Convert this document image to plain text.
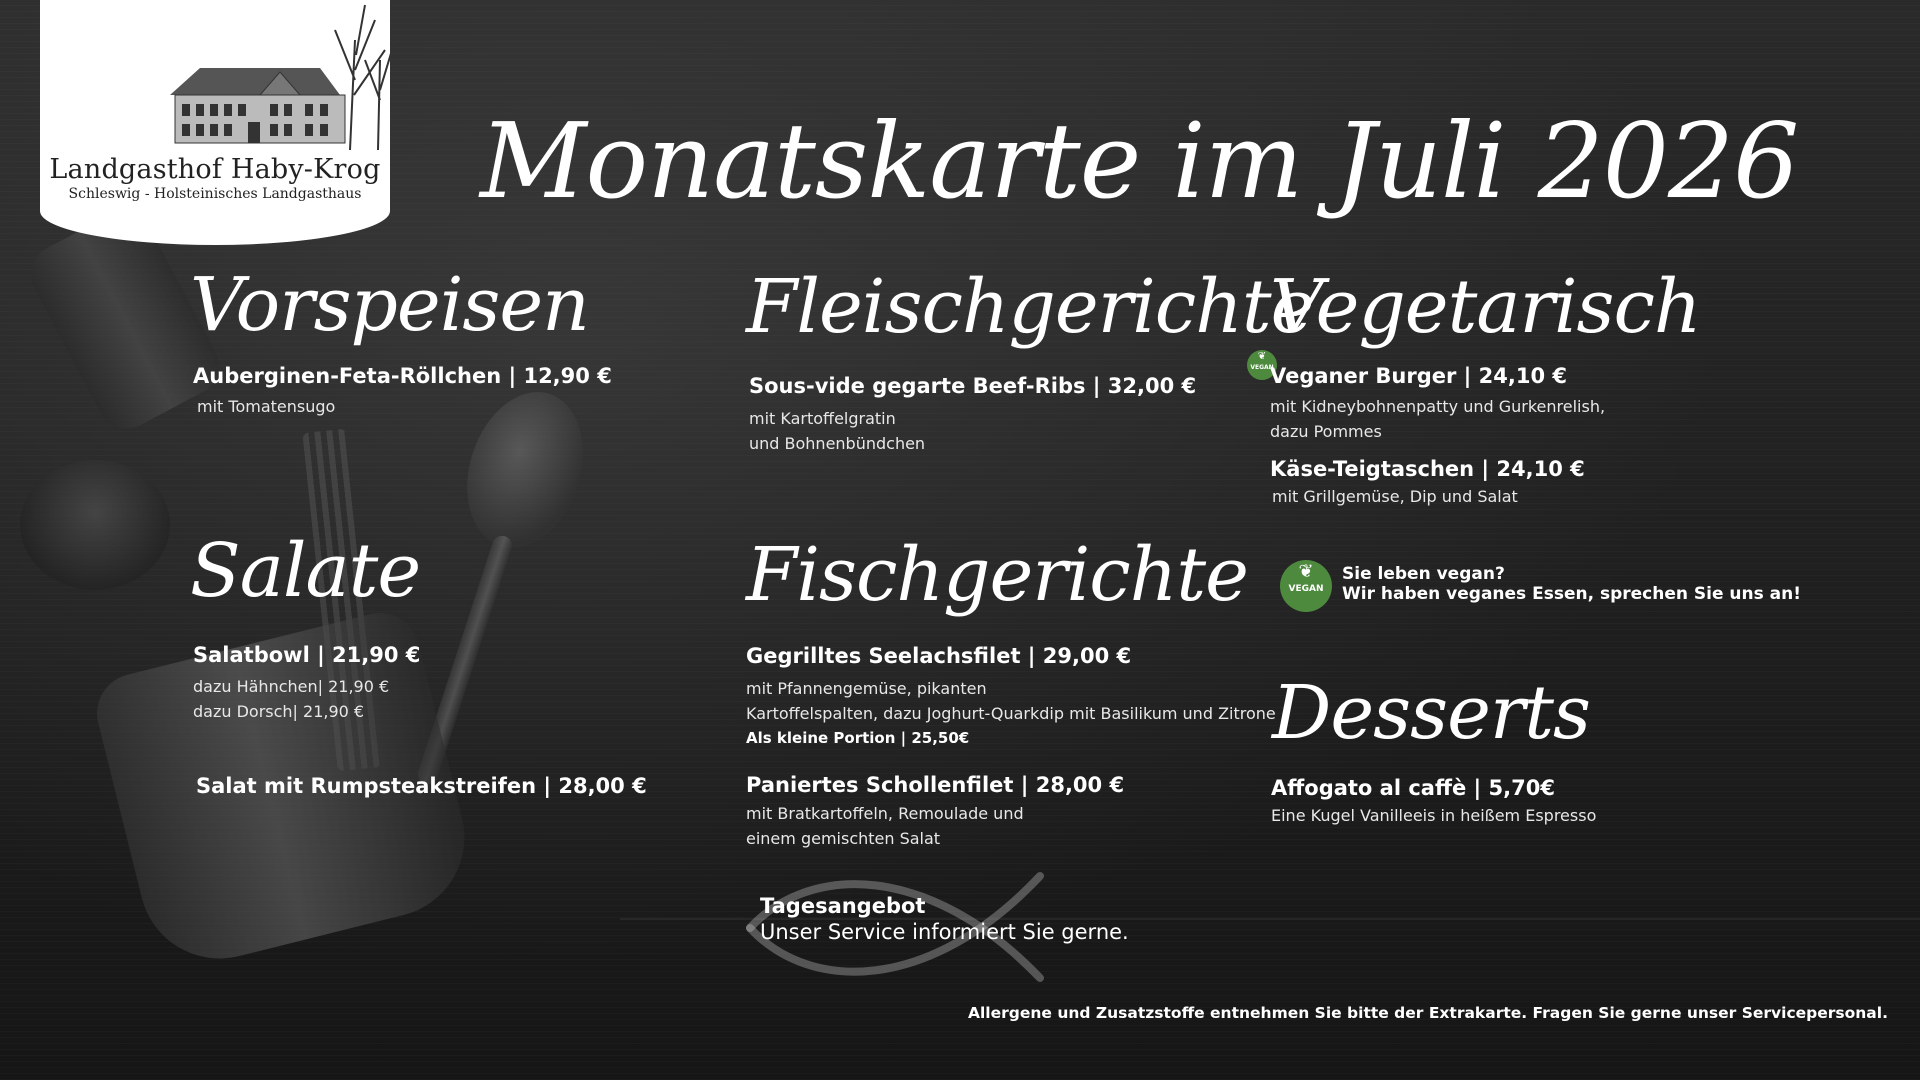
Landgasthof Haby-Krog
Schleswig - Holsteinisches Landgasthaus Monatskarte im Juli 2026
Vorspeisen
Auberginen-Feta-Röllchen | 12,90 €
mit Tomatensugo
Fleischgerichte
Sous-vide gegarte Beef-Ribs | 32,00 €
mit Kartoffelgratin
und Bohnenbündchen
Vegetarisch
❦
VEGAN
Veganer Burger | 24,10 €
mit Kidneybohnenpatty und Gurkenrelish,
dazu Pommes
Käse-Teigtaschen | 24,10 €
mit Grillgemüse, Dip und Salat
❦
VEGAN
Sie leben vegan?
Wir haben veganes Essen, sprechen Sie uns an!
Salate
Salatbowl | 21,90 €
dazu Hähnchen| 21,90 €
dazu Dorsch| 21,90 €
Salat mit Rumpsteakstreifen | 28,00 €
Fischgerichte
Gegrilltes Seelachsfilet | 29,00 €
mit Pfannengemüse, pikanten
Kartoffelspalten, dazu Joghurt-Quarkdip mit Basilikum und Zitrone
Als kleine Portion | 25,50€
Paniertes Schollenfilet | 28,00 €
mit Bratkartoffeln, Remoulade und
einem gemischten Salat
Desserts
Affogato al caffè | 5,70€
Eine Kugel Vanilleeis in heißem Espresso
Tagesangebot
Unser Service informiert Sie gerne.
Allergene und Zusatzstoffe entnehmen Sie bitte der Extrakarte. Fragen Sie gerne unser Servicepersonal.
